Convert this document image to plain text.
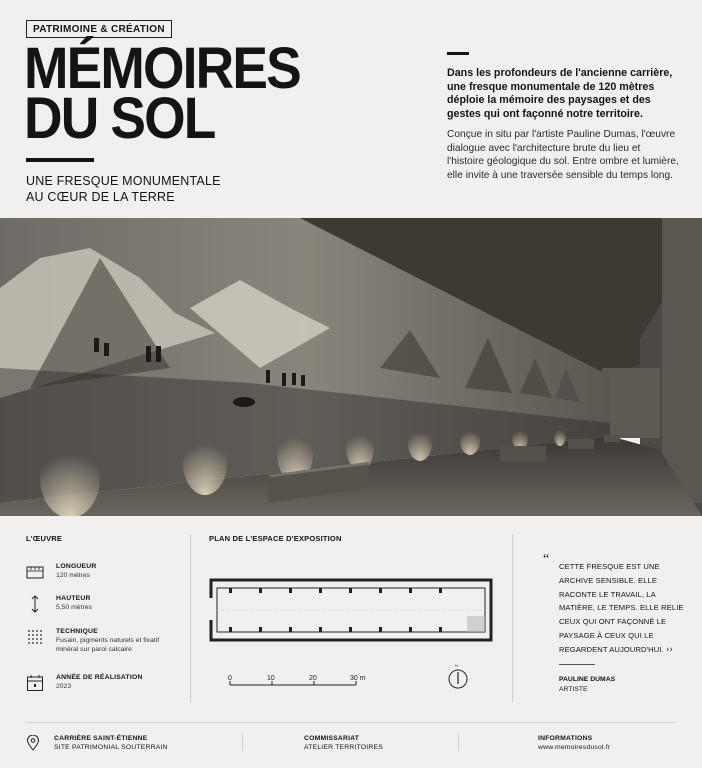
PATRIMOINE & CRÉATION
MÉMOIRES
DU SOL
UNE FRESQUE MONUMENTALE
AU CŒUR DE LA TERRE

Dans les profondeurs de l'ancienne carrière, une fresque monumentale de 120 mètres déploie la mémoire des paysages et des gestes qui ont façonné notre territoire.

Conçue in situ par l'artiste Pauline Dumas, l'œuvre dialogue avec l'architecture brute du lieu et l'histoire géologique du sol. Entre ombre et lumière, elle invite à une traversée sensible du temps long.

L'ŒUVRE
LONGUEUR
120 mètres
HAUTEUR
5,50 mètres
TECHNIQUE
Fusain, pigments naturels et fixatif minéral sur paroi calcaire
ANNÉE DE RÉALISATION
2023
PLAN DE L'ESPACE D'EXPOSITION
0	10	20	30 m
N
“ CETTE FRESQUE EST UNE ARCHIVE SENSIBLE. ELLE RACONTE LE TRAVAIL, LA MATIÈRE, LE TEMPS. ELLE RELIE CEUX QUI ONT FAÇONNÉ LE PAYSAGE À CEUX QUI LE REGARDENT AUJOURD'HUI. ››

PAULINE DUMAS
ARTISTE
CARRIÈRE SAINT-ÉTIENNE
SITE PATRIMONIAL SOUTERRAIN
COMMISSARIAT
ATELIER TERRITOIRES
INFORMATIONS
www.memoiresdusol.fr
